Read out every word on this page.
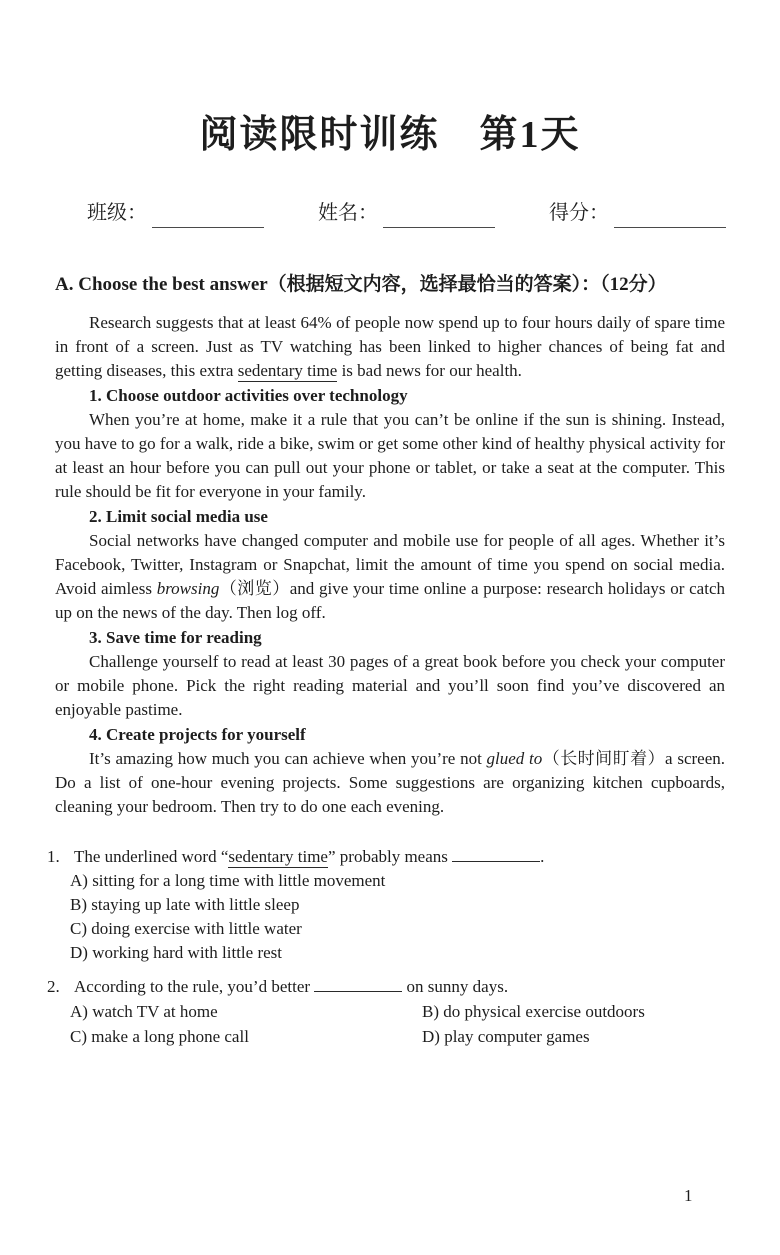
阅读限时训练　第1天
班级：	姓名：	得分：
A. Choose the best answer（根据短文内容，选择最恰当的答案）：（12分）

Research suggests that at least 64% of people now spend up to four hours daily of spare time in front of a screen. Just as TV watching has been linked to higher chances of being fat and getting diseases, this extra sedentary time is bad news for our health.

1. Choose outdoor activities over technology

When you’re at home, make it a rule that you can’t be online if the sun is shining. Instead, you have to go for a walk, ride a bike, swim or get some other kind of healthy physical activity for at least an hour before you can pull out your phone or tablet, or take a seat at the computer. This rule should be fit for everyone in your family.

2. Limit social media use

Social networks have changed computer and mobile use for people of all ages. Whether it’s Facebook, Twitter, Instagram or Snapchat, limit the amount of time you spend on social media. Avoid aimless browsing（浏览）and give your time online a purpose: research holidays or catch up on the news of the day. Then log off.

3. Save time for reading

Challenge yourself to read at least 30 pages of a great book before you check your computer or mobile phone. Pick the right reading material and you’ll soon find you’ve discovered an enjoyable pastime.

4. Create projects for yourself

It’s amazing how much you can achieve when you’re not glued to（长时间盯着）a screen. Do a list of one-hour evening projects. Some suggestions are organizing kitchen cupboards, cleaning your bedroom. Then try to do one each evening.

1. The underlined word “sedentary time” probably means	.
A) sitting for a long time with little movement
B) staying up late with little sleep
C) doing exercise with little water
D) working hard with little rest
2. According to the rule, you’d better	on sunny days.
A) watch TV at home	B) do physical exercise outdoors
C) make a long phone call	D) play computer games
1
